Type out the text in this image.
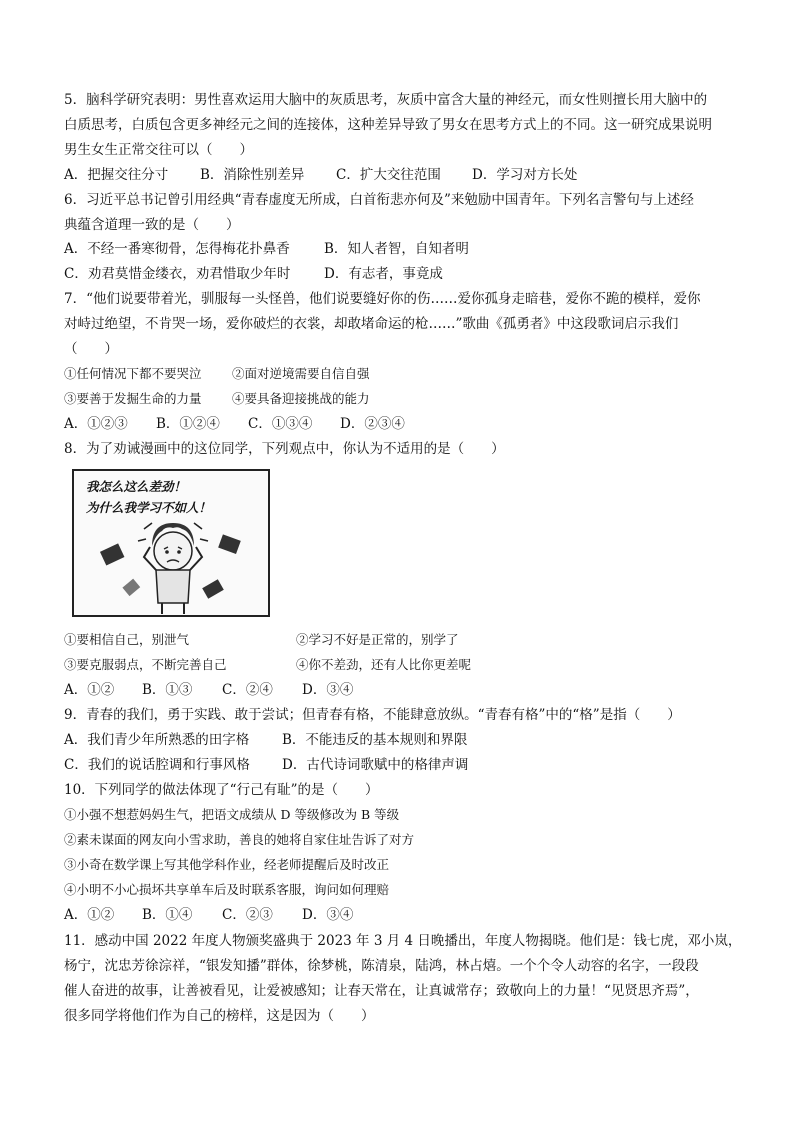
5．脑科学研究表明：男性喜欢运用大脑中的灰质思考，灰质中富含大量的神经元，而女性则擅长用大脑中的
白质思考，白质包含更多神经元之间的连接体，这种差异导致了男女在思考方式上的不同。这一研究成果说明
男生女生正常交往可以（　　）
A．把握交往分寸 B．消除性别差异 C．扩大交往范围 D．学习对方长处
6．习近平总书记曾引用经典“青春虚度无所成，白首衔悲亦何及”来勉励中国青年。下列名言警句与上述经
典蕴含道理一致的是（　　）
A．不经一番寒彻骨，怎得梅花扑鼻香	B．知人者智，自知者明
C．劝君莫惜金缕衣，劝君惜取少年时 D．有志者，事竟成
7．“他们说要带着光，驯服每一头怪兽，他们说要缝好你的伤……爱你孤身走暗巷，爱你不跪的模样，爱你
对峙过绝望，不肯哭一场，爱你破烂的衣裳，却敢堵命运的枪……”歌曲《孤勇者》中这段歌词启示我们
（　　）
①任何情况下都不要哭泣 ②面对逆境需要自信自强
③要善于发掘生命的力量 ④要具备迎接挑战的能力
A．①②③ B．①②④ C．①③④ D．②③④
8．为了劝诫漫画中的这位同学，下列观点中，你认为不适用的是（　　）
我怎么这么差劲！
为什么我学习不如人！
①要相信自己，别泄气	②学习不好是正常的，别学了
③要克服弱点，不断完善自己	④你不差劲，还有人比你更差呢
A．①② B．①③ C．②④ D．③④
9．青春的我们，勇于实践、敢于尝试；但青春有格，不能肆意放纵。“青春有格”中的“格”是指（　　）
A．我们青少年所熟悉的田字格 B．不能违反的基本规则和界限
C．我们的说话腔调和行事风格 D．古代诗词歌赋中的格律声调
10．下列同学的做法体现了“行己有耻”的是（　　）
①小强不想惹妈妈生气，把语文成绩从 D 等级修改为 B 等级
②素未谋面的网友向小雪求助，善良的她将自家住址告诉了对方
③小奇在数学课上写其他学科作业，经老师提醒后及时改正
④小明不小心损坏共享单车后及时联系客服，询问如何理赔
A．①② B．①④ C．②③ D．③④
11．感动中国 2022 年度人物颁奖盛典于 2023 年 3 月 4 日晚播出，年度人物揭晓。他们是：钱七虎，邓小岚，
杨宁，沈忠芳徐淙祥，“银发知播”群体，徐梦桃，陈清泉，陆鸿，林占熺。一个个令人动容的名字，一段段
催人奋进的故事，让善被看见，让爱被感知；让春天常在，让真诚常存；致敬向上的力量！“见贤思齐焉”，
很多同学将他们作为自己的榜样，这是因为（　　）
